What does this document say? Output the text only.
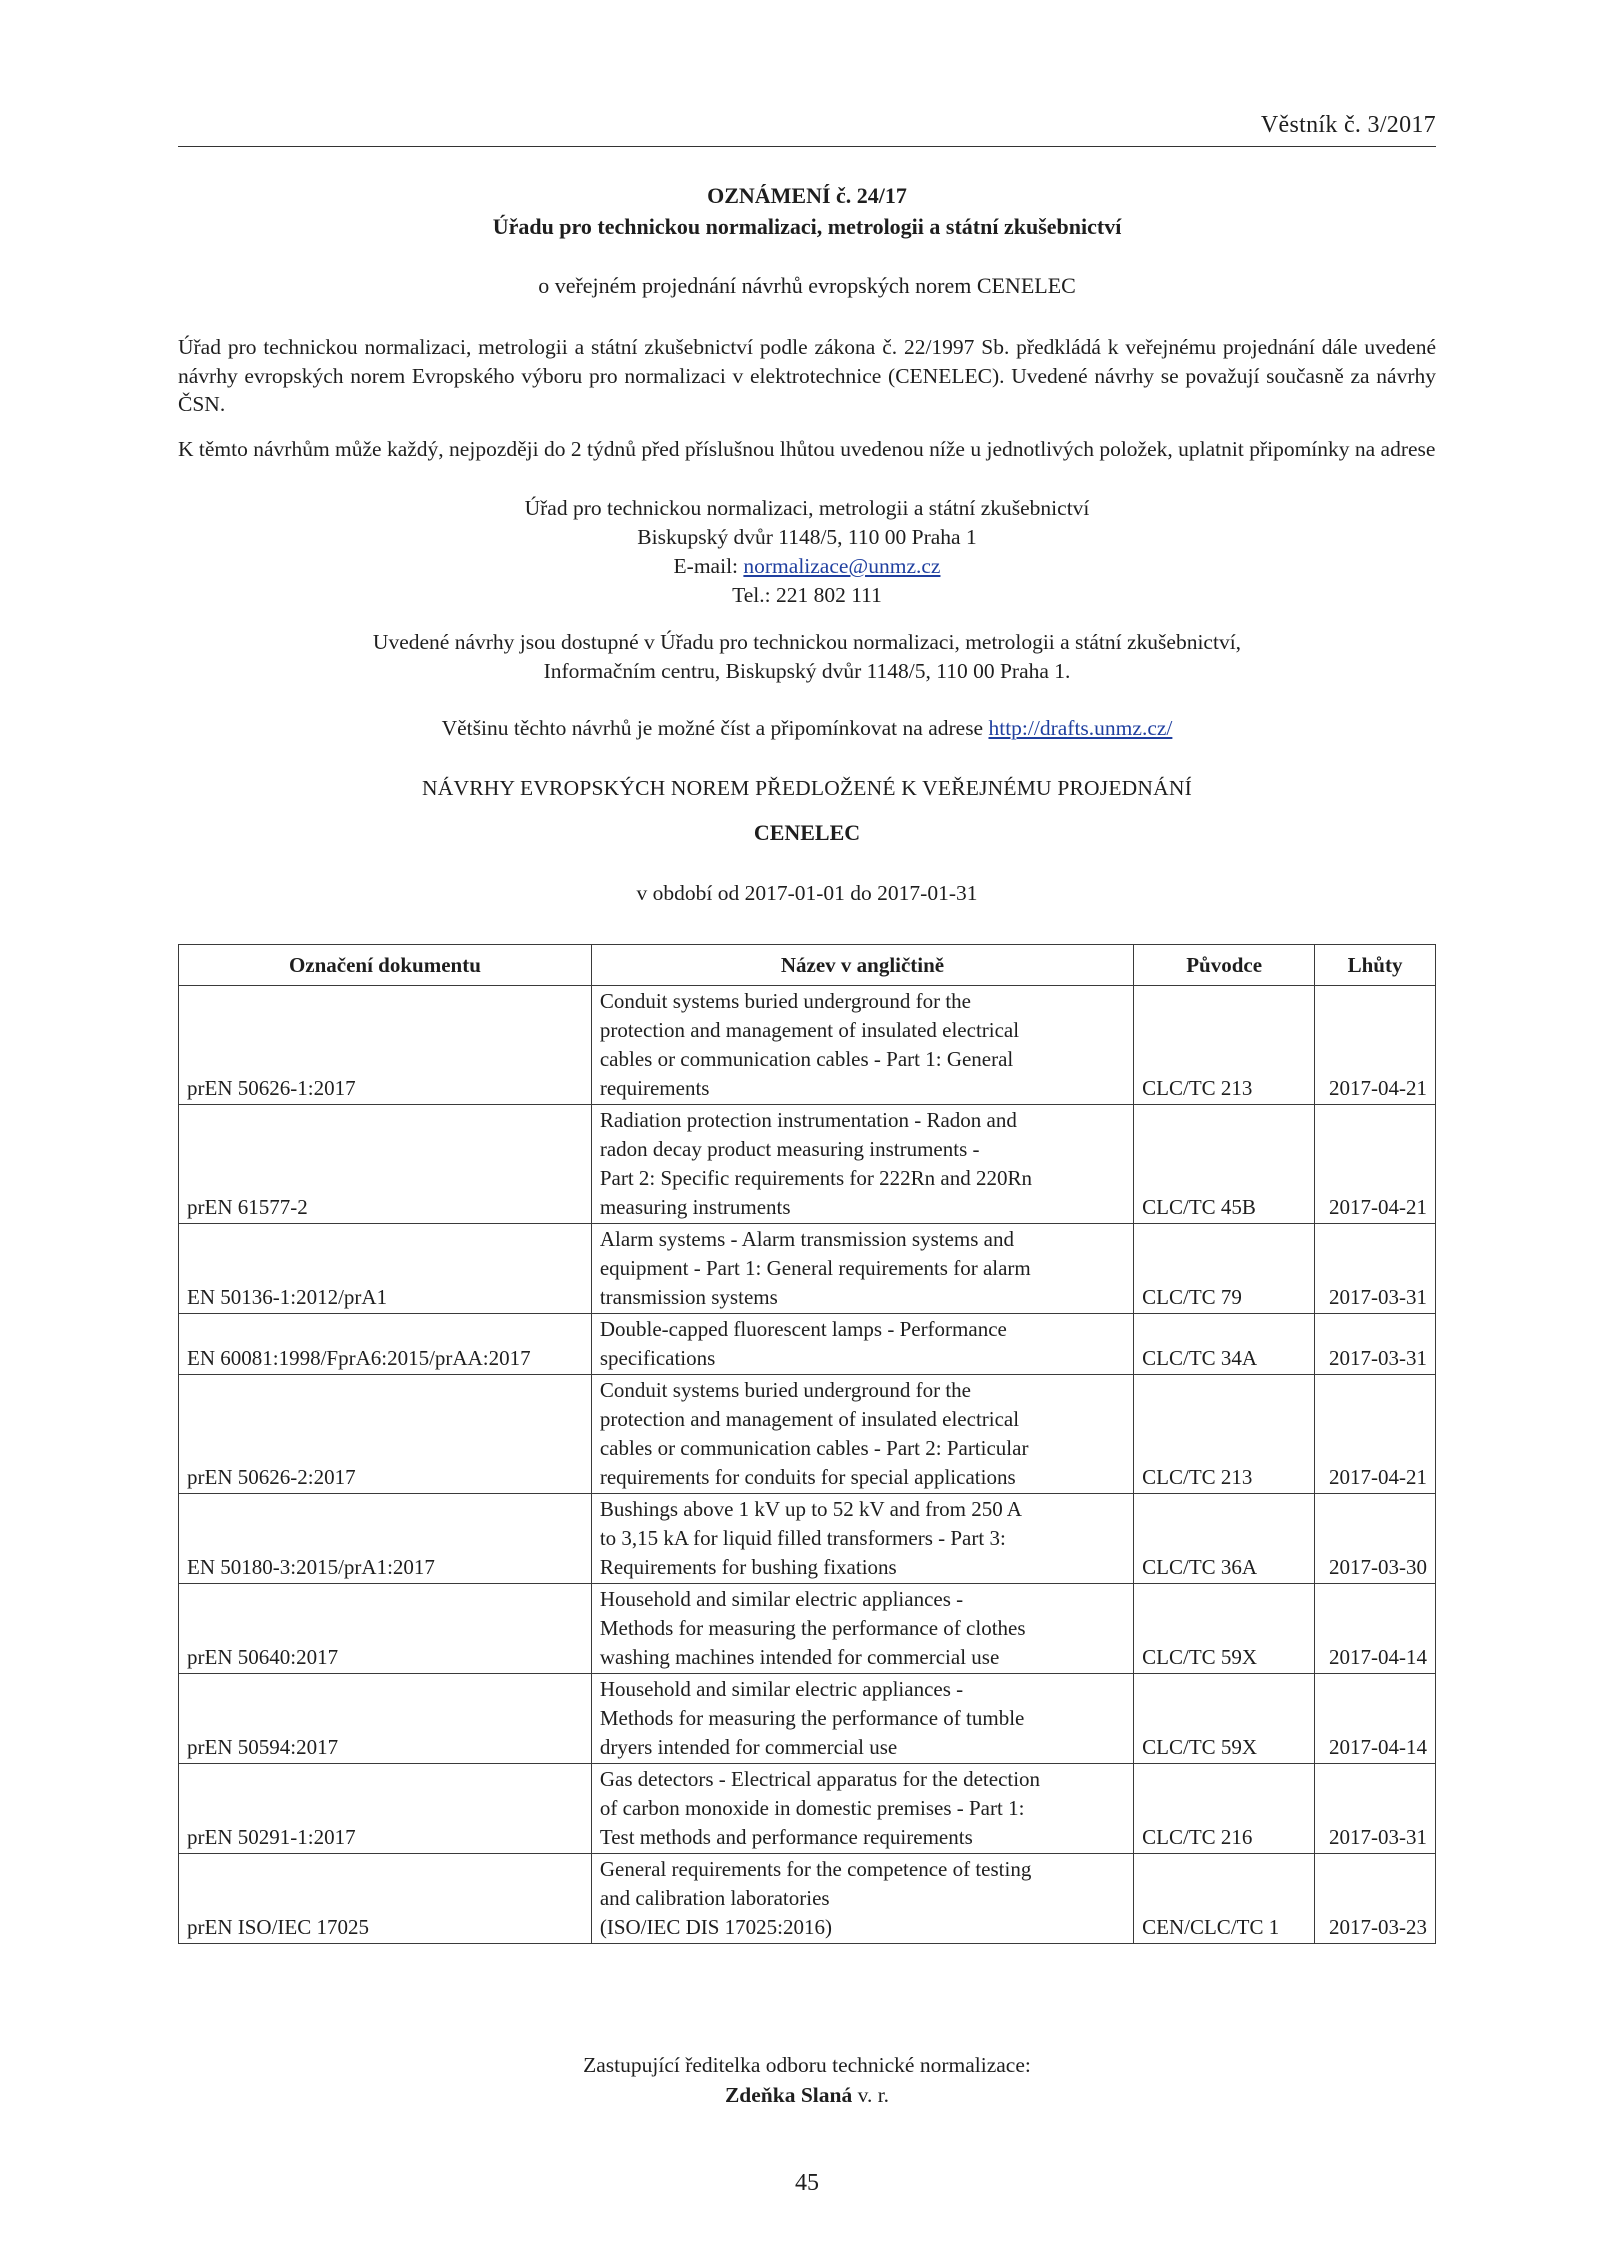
Věstník č. 3/2017
OZNÁMENÍ č. 24/17
Úřadu pro technickou normalizaci, metrologii a státní zkušebnictví
o veřejném projednání návrhů evropských norem CENELEC
Úřad pro technickou normalizaci, metrologii a státní zkušebnictví podle zákona č. 22/1997 Sb. předkládá k veřejnému projednání dále uvedené návrhy evropských norem Evropského výboru pro normalizaci v elektrotechnice (CENELEC). Uvedené návrhy se považují současně za návrhy ČSN.
K těmto návrhům může každý, nejpozději do 2 týdnů před příslušnou lhůtou uvedenou níže u jednotlivých položek, uplatnit připomínky na adrese
Úřad pro technickou normalizaci, metrologii a státní zkušebnictví
Biskupský dvůr 1148/5, 110 00 Praha 1
E-mail: normalizace@unmz.cz
Tel.: 221 802 111
Uvedené návrhy jsou dostupné v Úřadu pro technickou normalizaci, metrologii a státní zkušebnictví,
Informačním centru, Biskupský dvůr 1148/5, 110 00 Praha 1.
Většinu těchto návrhů je možné číst a připomínkovat na adrese http://drafts.unmz.cz/
NÁVRHY EVROPSKÝCH NOREM PŘEDLOŽENÉ K VEŘEJNÉMU PROJEDNÁNÍ
CENELEC
v období od 2017-01-01 do 2017-01-31
Označení dokumentu	Název v angličtině	Původce	Lhůty
prEN 50626-1:2017	Conduit systems buried underground for the
protection and management of insulated electrical
cables or communication cables - Part 1: General
requirements	CLC/TC 213	2017-04-21
prEN 61577-2	Radiation protection instrumentation - Radon and
radon decay product measuring instruments -
Part 2: Specific requirements for 222Rn and 220Rn
measuring instruments	CLC/TC 45B	2017-04-21
EN 50136-1:2012/prA1	Alarm systems - Alarm transmission systems and
equipment - Part 1: General requirements for alarm
transmission systems	CLC/TC 79	2017-03-31
EN 60081:1998/FprA6:2015/prAA:2017	Double-capped fluorescent lamps - Performance
specifications	CLC/TC 34A	2017-03-31
prEN 50626-2:2017	Conduit systems buried underground for the
protection and management of insulated electrical
cables or communication cables - Part 2: Particular
requirements for conduits for special applications	CLC/TC 213	2017-04-21
EN 50180-3:2015/prA1:2017	Bushings above 1 kV up to 52 kV and from 250 A
to 3,15 kA for liquid filled transformers - Part 3:
Requirements for bushing fixations	CLC/TC 36A	2017-03-30
prEN 50640:2017	Household and similar electric appliances -
Methods for measuring the performance of clothes
washing machines intended for commercial use	CLC/TC 59X	2017-04-14
prEN 50594:2017	Household and similar electric appliances -
Methods for measuring the performance of tumble
dryers intended for commercial use	CLC/TC 59X	2017-04-14
prEN 50291-1:2017	Gas detectors - Electrical apparatus for the detection
of carbon monoxide in domestic premises - Part 1:
Test methods and performance requirements	CLC/TC 216	2017-03-31
prEN ISO/IEC 17025	General requirements for the competence of testing
and calibration laboratories
(ISO/IEC DIS 17025:2016)	CEN/CLC/TC 1	2017-03-23
Zastupující ředitelka odboru technické normalizace:
Zdeňka Slaná v. r.
45
